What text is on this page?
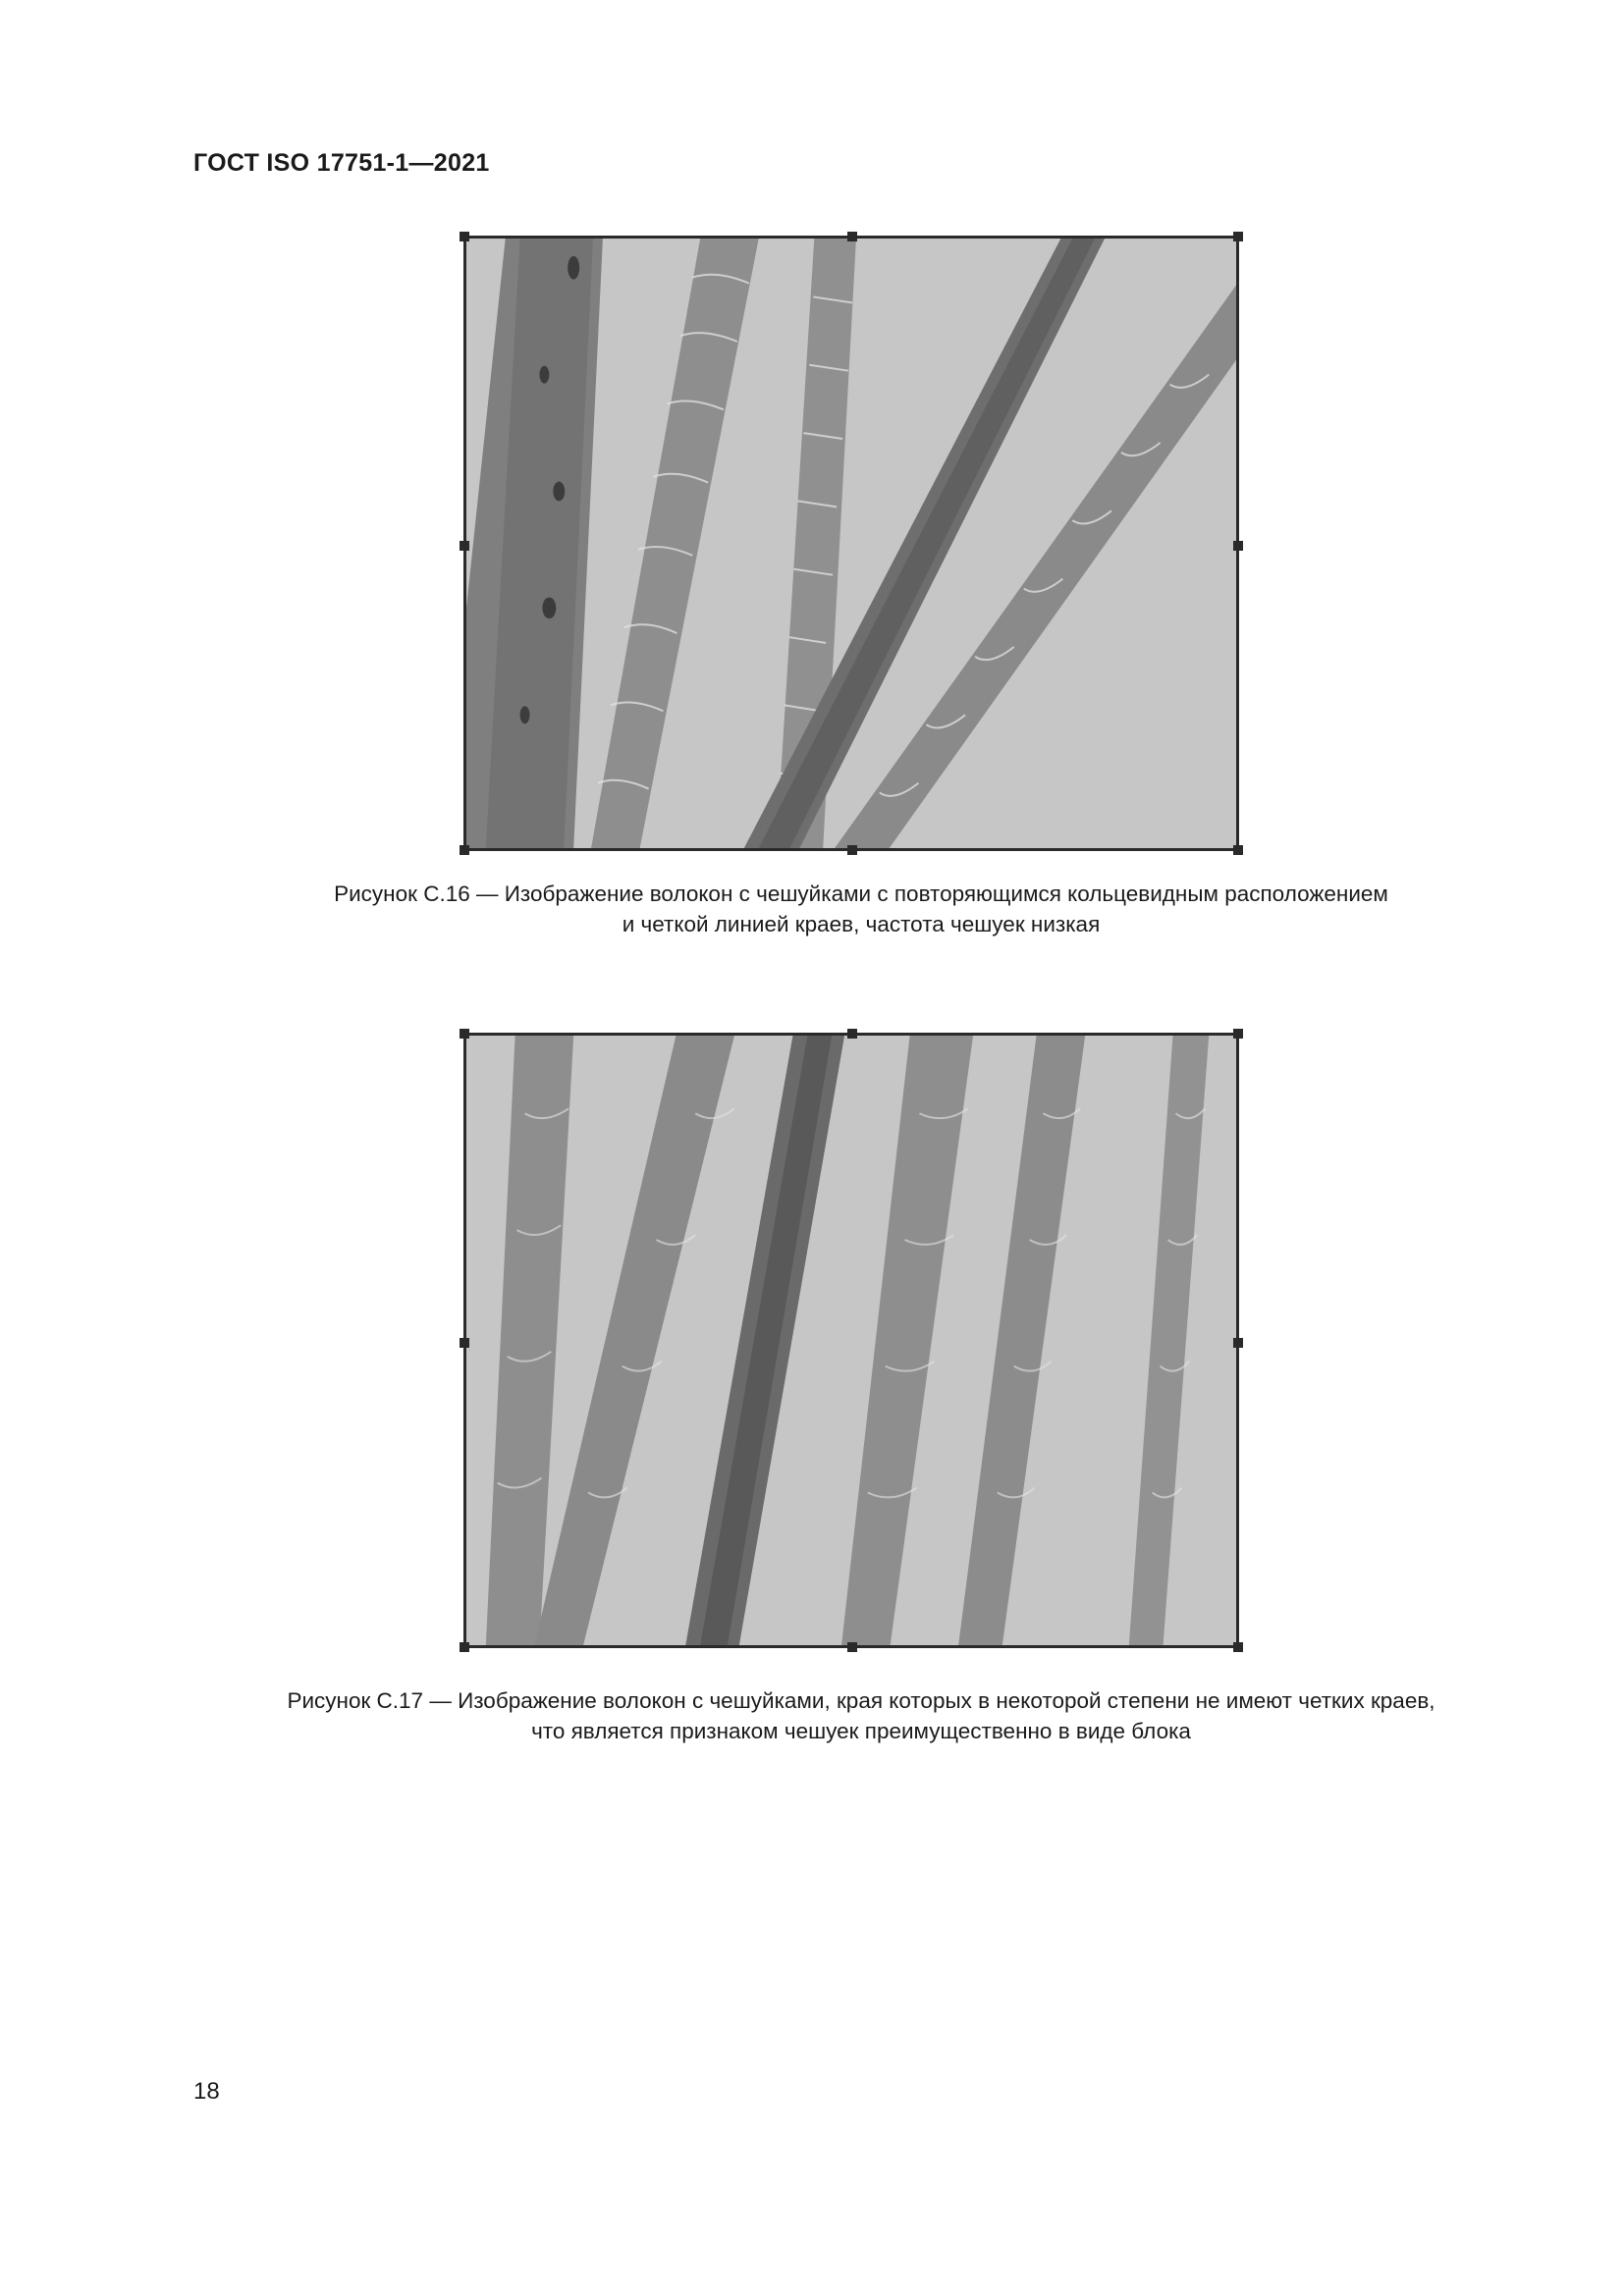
ГОСТ ISO 17751-1—2021
Рисунок С.16 — Изображение волокон с чешуйками с повторяющимся кольцевидным расположением
и четкой линией краев, частота чешуек низкая
Рисунок С.17 — Изображение волокон с чешуйками, края которых в некоторой степени не имеют четких краев,
что является признаком чешуек преимущественно в виде блока
18
